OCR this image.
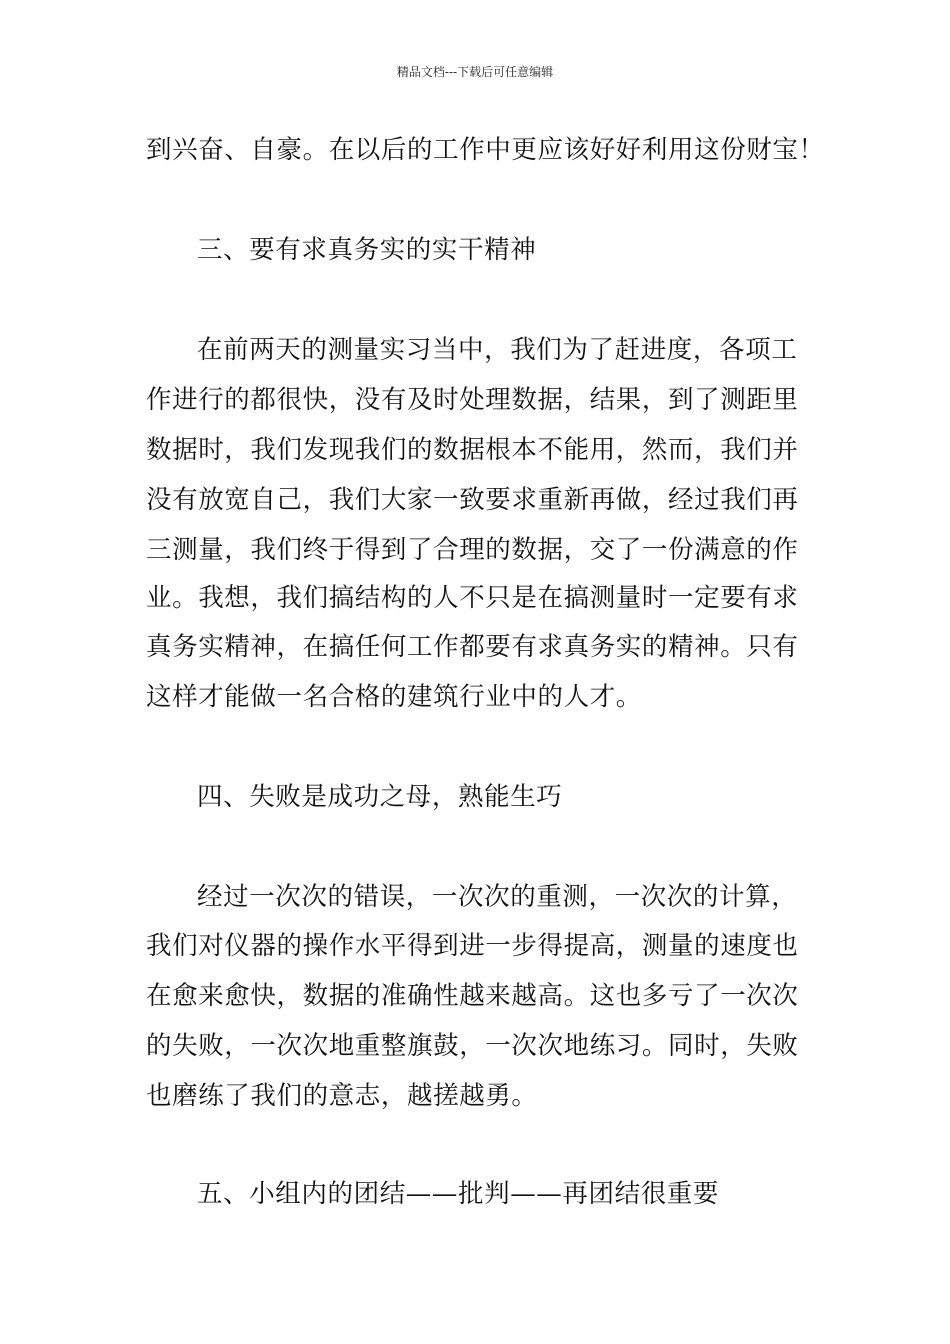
精品文档---下载后可任意编辑
到兴奋、自豪。在以后的工作中更应该好好利用这份财宝！
三、要有求真务实的实干精神
在前两天的测量实习当中，我们为了赶进度，各项工
作进行的都很快，没有及时处理数据，结果，到了测距里
数据时，我们发现我们的数据根本不能用，然而，我们并
没有放宽自己，我们大家一致要求重新再做，经过我们再
三测量，我们终于得到了合理的数据，交了一份满意的作
业。我想，我们搞结构的人不只是在搞测量时一定要有求
真务实精神，在搞任何工作都要有求真务实的精神。只有
这样才能做一名合格的建筑行业中的人才。
四、失败是成功之母，熟能生巧
经过一次次的错误，一次次的重测，一次次的计算，
我们对仪器的操作水平得到进一步得提高，测量的速度也
在愈来愈快，数据的准确性越来越高。这也多亏了一次次
的失败，一次次地重整旗鼓，一次次地练习。同时，失败
也磨练了我们的意志，越搓越勇。
五、小组内的团结——批判——再团结很重要
